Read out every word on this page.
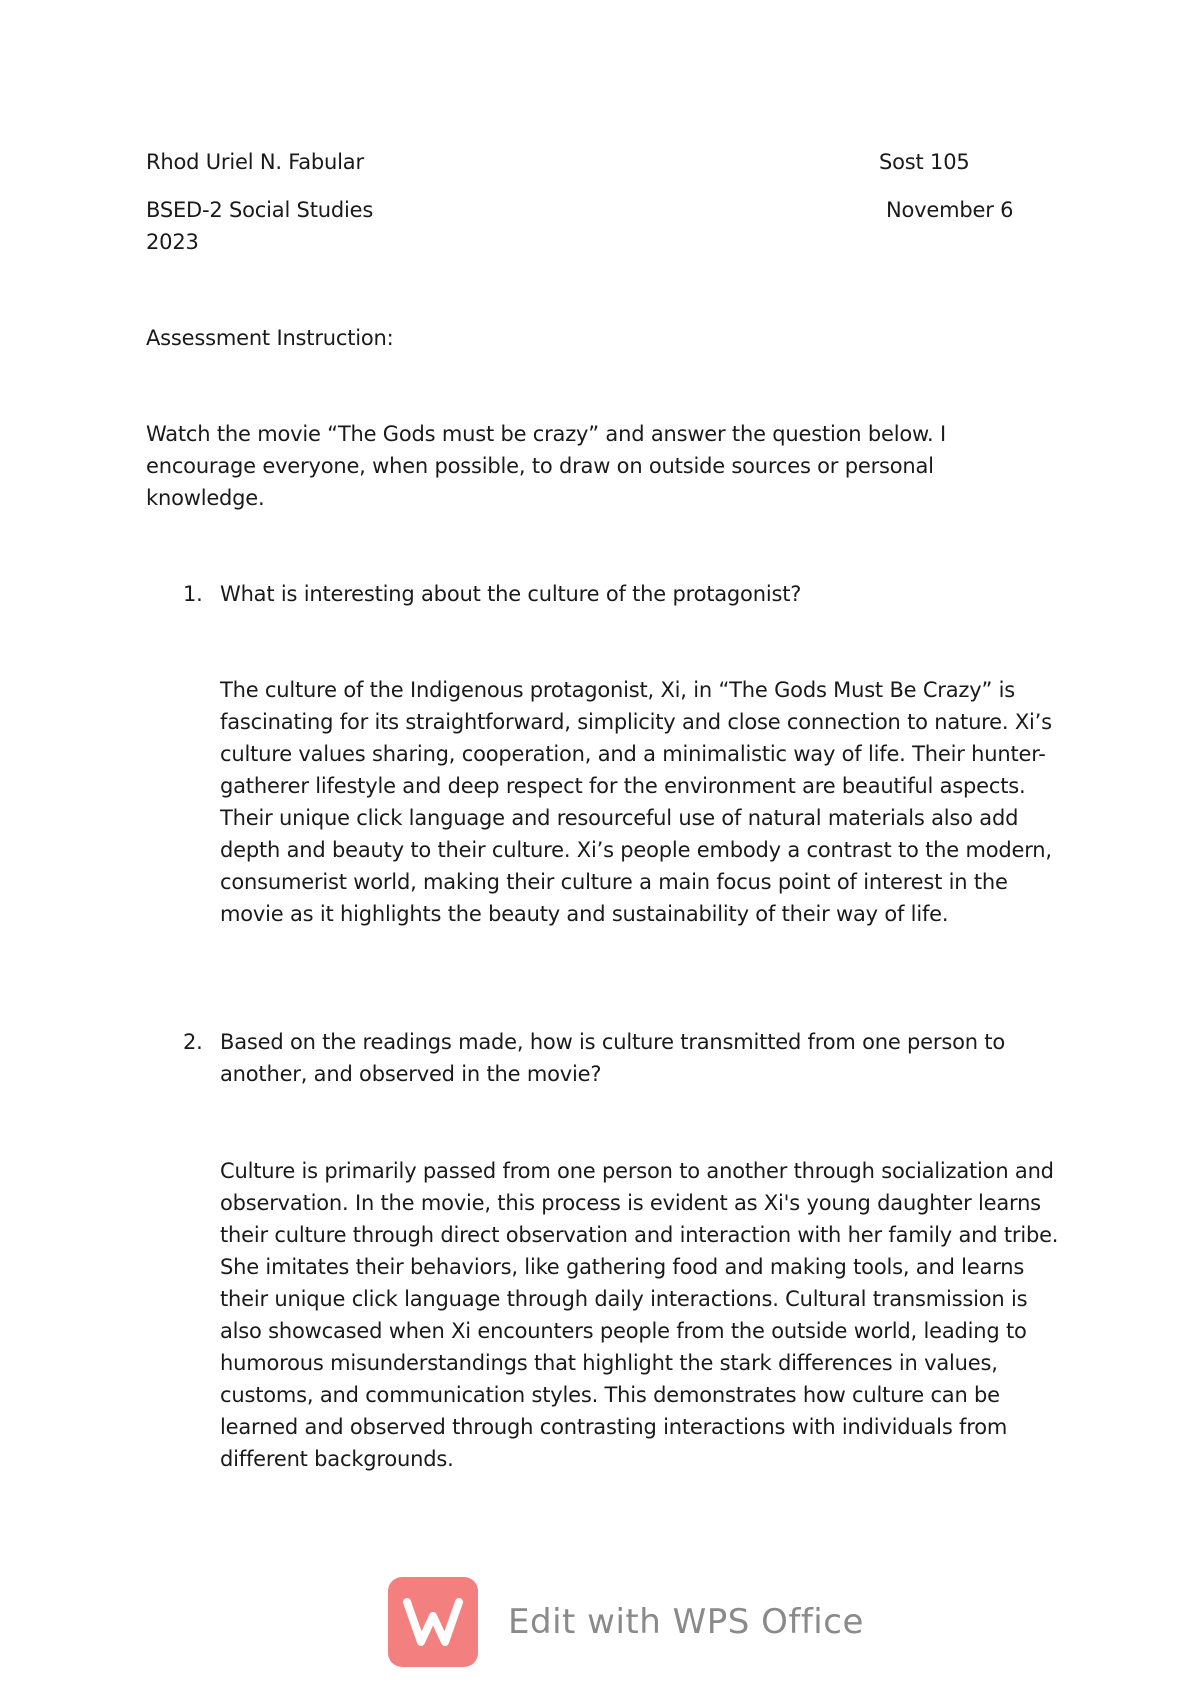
Rhod Uriel N. Fabular	Sost 105
BSED-2 Social Studies	November 6
2023
Assessment Instruction:

Watch the movie “The Gods must be crazy” and answer the question below. I encourage everyone, when possible, to draw on outside sources or personal knowledge.

1. What is interesting about the culture of the protagonist?

The culture of the Indigenous protagonist, Xi, in “The Gods Must Be Crazy” is fascinating for its straightforward, simplicity and close connection to nature. Xi’s culture values sharing, cooperation, and a minimalistic way of life. Their hunter-gatherer lifestyle and deep respect for the environment are beautiful aspects. Their unique click language and resourceful use of natural materials also add depth and beauty to their culture. Xi’s people embody a contrast to the modern, consumerist world, making their culture a main focus point of interest in the movie as it highlights the beauty and sustainability of their way of life.

2. Based on the readings made, how is culture transmitted from one person to another, and observed in the movie?

Culture is primarily passed from one person to another through socialization and observation. In the movie, this process is evident as Xi's young daughter learns their culture through direct observation and interaction with her family and tribe. She imitates their behaviors, like gathering food and making tools, and learns their unique click language through daily interactions. Cultural transmission is also showcased when Xi encounters people from the outside world, leading to humorous misunderstandings that highlight the stark differences in values, customs, and communication styles. This demonstrates how culture can be learned and observed through contrasting interactions with individuals from different backgrounds.

Edit with WPS Office
